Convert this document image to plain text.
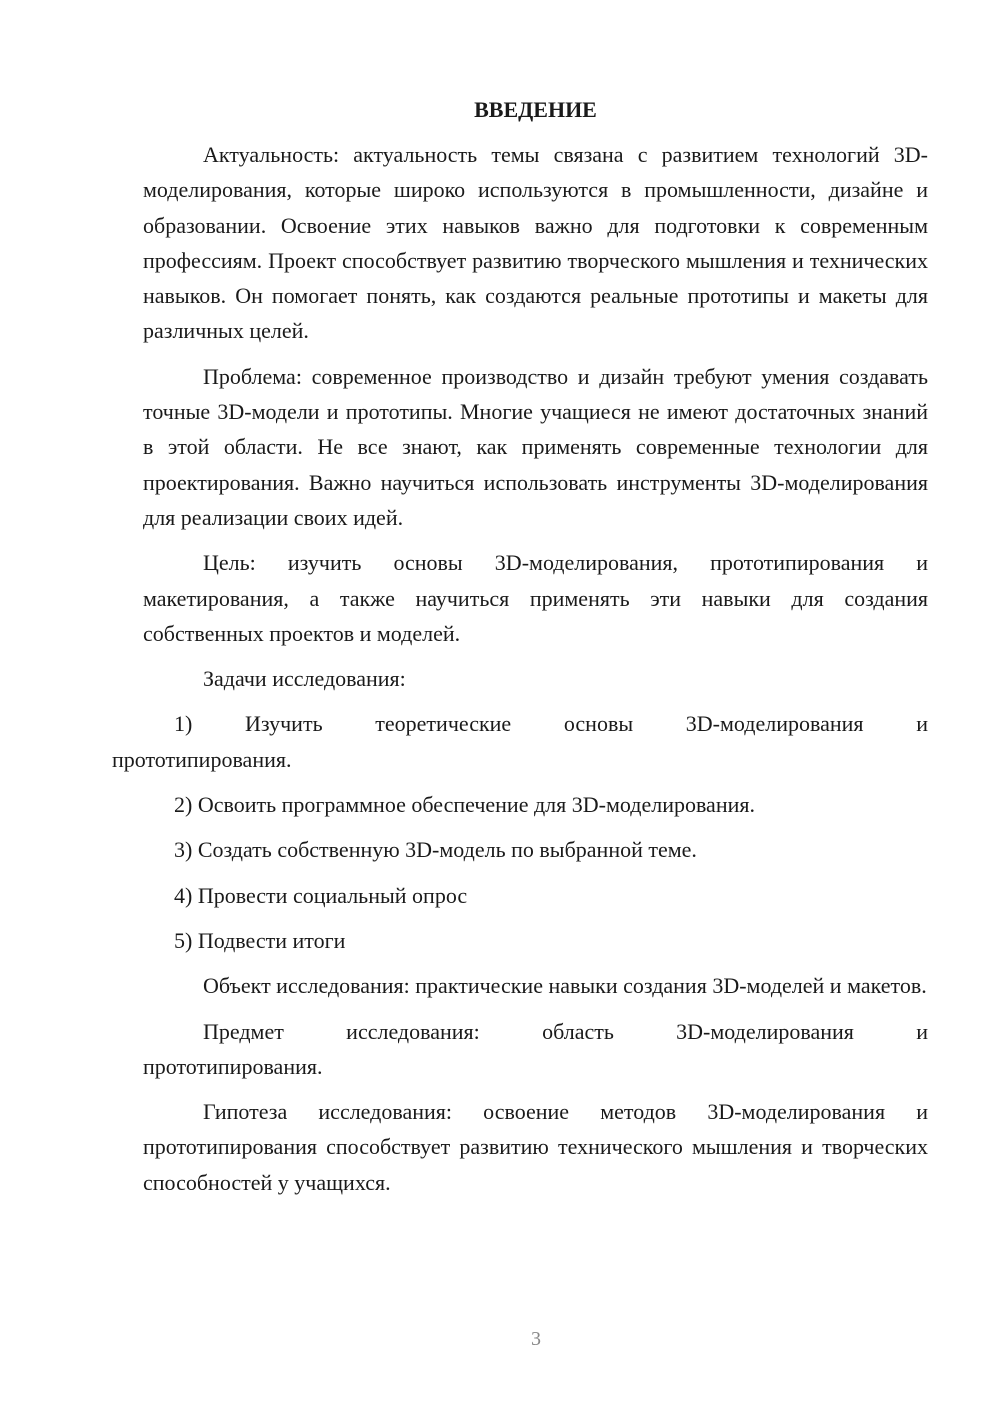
ВВЕДЕНИЕ
Актуальность: актуальность темы связана с развитием технологий 3D-моделирования, которые широко используются в промышленности, дизайне и образовании. Освоение этих навыков важно для подготовки к современным профессиям. Проект способствует развитию творческого мышления и технических навыков. Он помогает понять, как создаются реальные прототипы и макеты для различных целей.
Проблема: современное производство и дизайн требуют умения создавать точные 3D-модели и прототипы. Многие учащиеся не имеют достаточных знаний в этой области. Не все знают, как применять современные технологии для проектирования. Важно научиться использовать инструменты 3D-моделирования для реализации своих идей.
Цель: изучить основы 3D-моделирования, прототипирования и макетирования, а также научиться применять эти навыки для создания собственных проектов и моделей.
Задачи исследования:
1) Изучить теоретические основы 3D-моделирования и
прототипирования.
2) Освоить программное обеспечение для 3D-моделирования.
3) Создать собственную 3D-модель по выбранной теме.
4) Провести социальный опрос
5) Подвести итоги
Объект исследования: практические навыки создания 3D-моделей и макетов.
Предмет исследования: область 3D-моделирования и
прототипирования.
Гипотеза исследования: освоение методов 3D-моделирования и прототипирования способствует развитию технического мышления и творческих способностей у учащихся.
3
